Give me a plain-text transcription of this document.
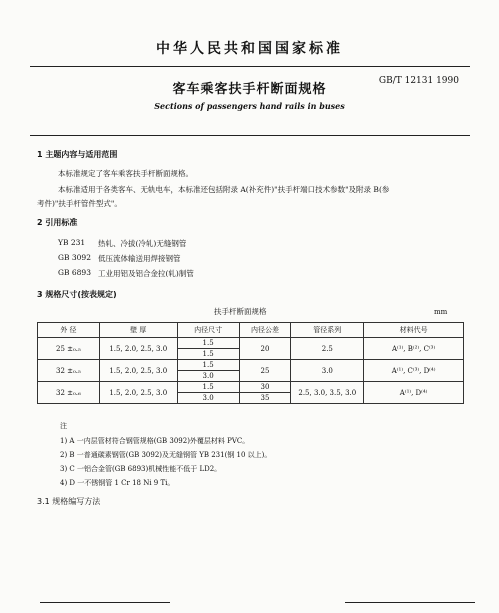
中华人民共和国国家标准
客车乘客扶手杆断面规格
GB/T 12131 1990
Sections of passengers hand rails in buses
1 主题内容与适用范围
本标准规定了客车乘客扶手杆断面规格。
本标准适用于各类客车、无轨电车，本标准还包括附录 A(补充件)"扶手杆端口技术参数"及附录 B(参
考件)"扶手杆管件型式"。
2 引用标准
YB 231 热轧、冷拔(冷轧)无缝钢管
GB 3092 低压流体输送用焊接钢管
GB 6893 工业用铝及铝合金拉(轧)制管
3 规格尺寸(按表规定)
扶手杆断面规格	mm
外 径	壁 厚	内径尺寸	内径公差	管径系列	材料代号
25 ±₀.₅	1.5, 2.0, 2.5, 3.0	1.5	20	2.5	A⁽¹⁾, B⁽²⁾, C⁽³⁾
		1.5			
32 ±₀.₅	1.5, 2.0, 2.5, 3.0	1.5	25	3.0	A⁽¹⁾, C⁽³⁾, D⁽⁴⁾
		3.0			
32 ±₀.₆	1.5, 2.0, 2.5, 3.0	1.5	30	2.5, 3.0, 3.5, 3.0	A⁽¹⁾, D⁽⁴⁾
		3.0	35		
注
1) A 一内层管材符合钢管规格(GB 3092)外覆层材料 PVC。
2) B 一普通碳素钢管(GB 3092)及无缝钢管 YB 231(钢 10 以上)。
3) C 一铝合金管(GB 6893)机械性能不低于 LD2。
4) D 一不锈钢管 1 Cr 18 Ni 9 Ti。
3.1 规格编写方法
